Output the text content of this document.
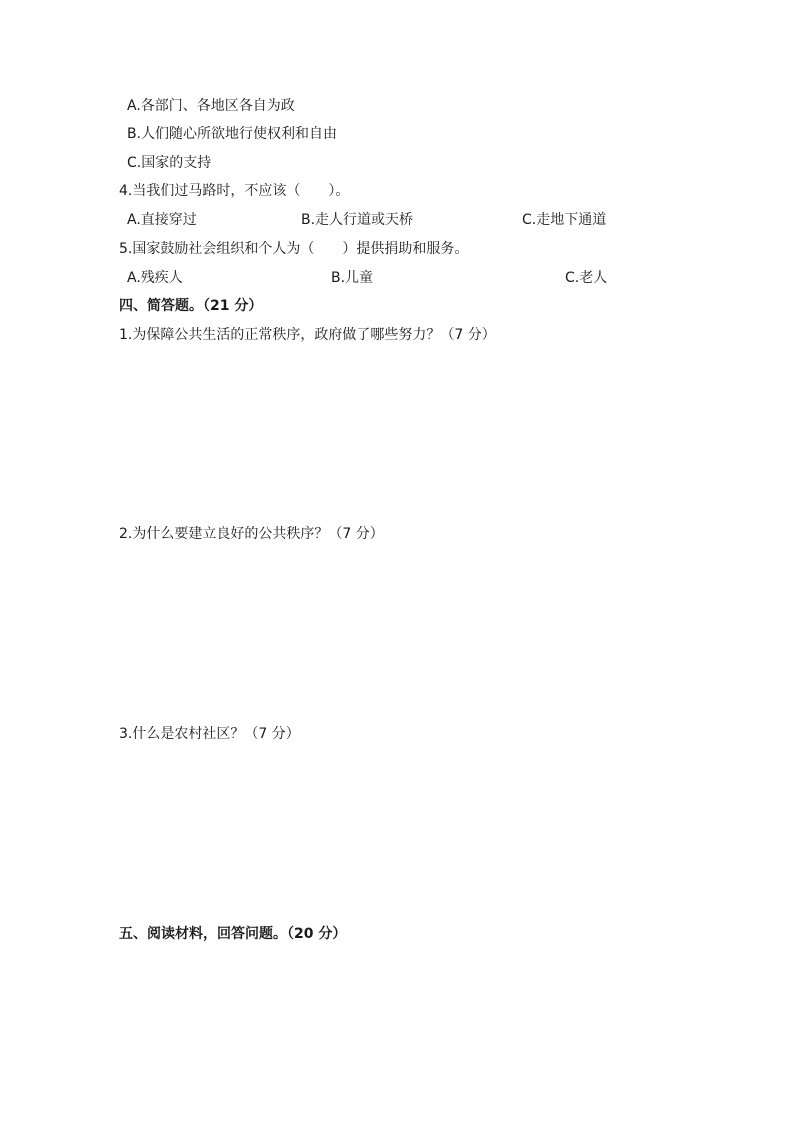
A.各部门、各地区各自为政
B.人们随心所欲地行使权利和自由
C.国家的支持
4.当我们过马路时，不应该（　　）。
A.直接穿过	B.走人行道或天桥	C.走地下通道
5.国家鼓励社会组织和个人为（　　）提供捐助和服务。
A.残疾人	B.儿童	C.老人
四、简答题。（21 分）
1.为保障公共生活的正常秩序，政府做了哪些努力？（7 分）
2.为什么要建立良好的公共秩序？（7 分）
3.什么是农村社区？（7 分）
五、阅读材料，回答问题。（20 分）
